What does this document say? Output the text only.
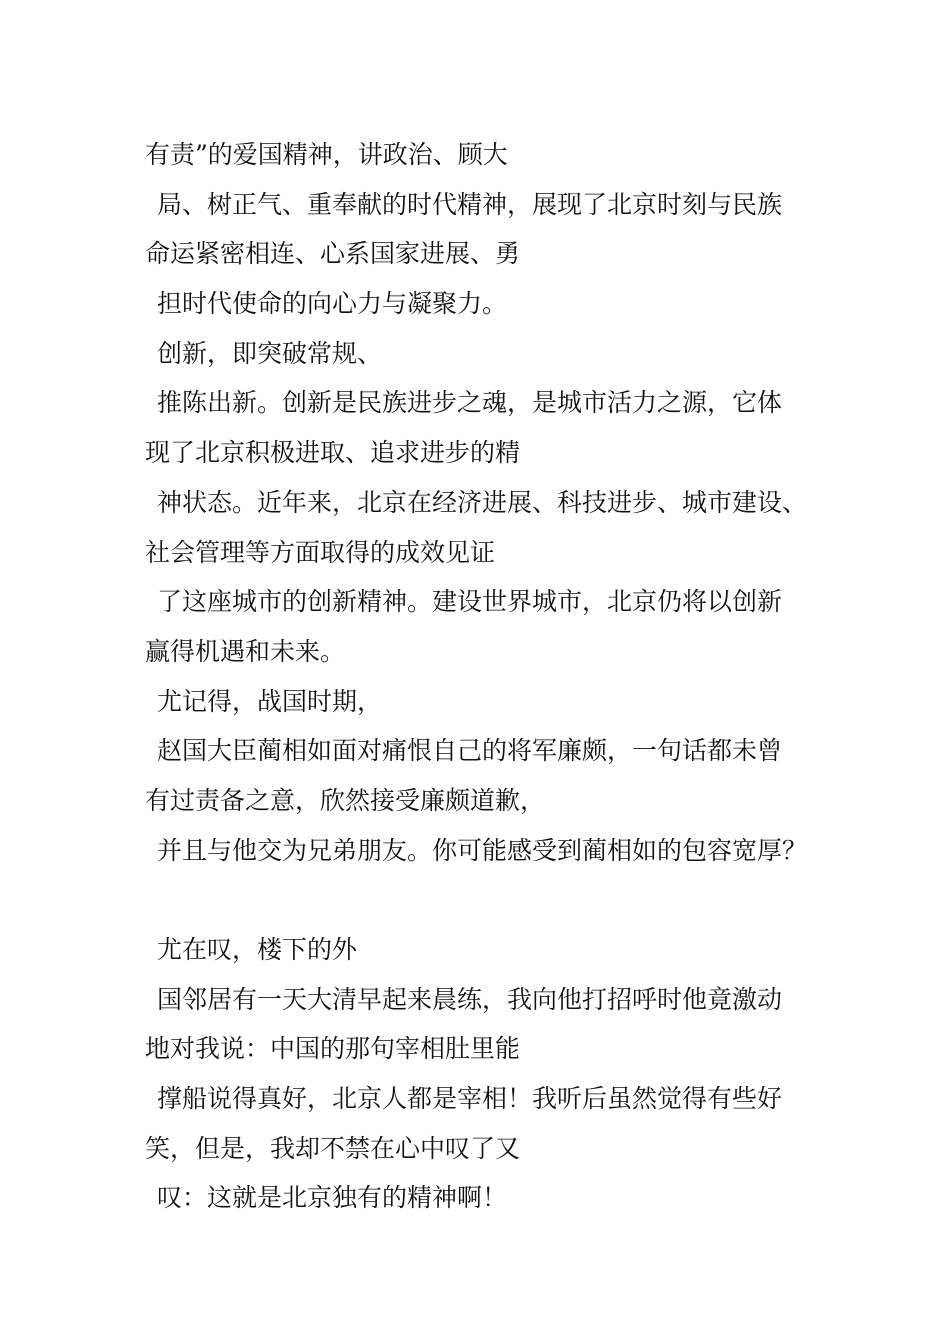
有责”的爱国精神，讲政治、顾大
局、树正气、重奉献的时代精神，展现了北京时刻与民族
命运紧密相连、心系国家进展、勇
担时代使命的向心力与凝聚力。
创新，即突破常规、
推陈出新。创新是民族进步之魂，是城市活力之源，它体
现了北京积极进取、追求进步的精
神状态。近年来，北京在经济进展、科技进步、城市建设、
社会管理等方面取得的成效见证
了这座城市的创新精神。建设世界城市，北京仍将以创新
赢得机遇和未来。
尤记得，战国时期，
赵国大臣蔺相如面对痛恨自己的将军廉颇，一句话都未曾
有过责备之意，欣然接受廉颇道歉，
并且与他交为兄弟朋友。你可能感受到蔺相如的包容宽厚？
尤在叹，楼下的外
国邻居有一天大清早起来晨练，我向他打招呼时他竟激动
地对我说：中国的那句宰相肚里能
撑船说得真好，北京人都是宰相！我听后虽然觉得有些好
笑，但是，我却不禁在心中叹了又
叹：这就是北京独有的精神啊！
